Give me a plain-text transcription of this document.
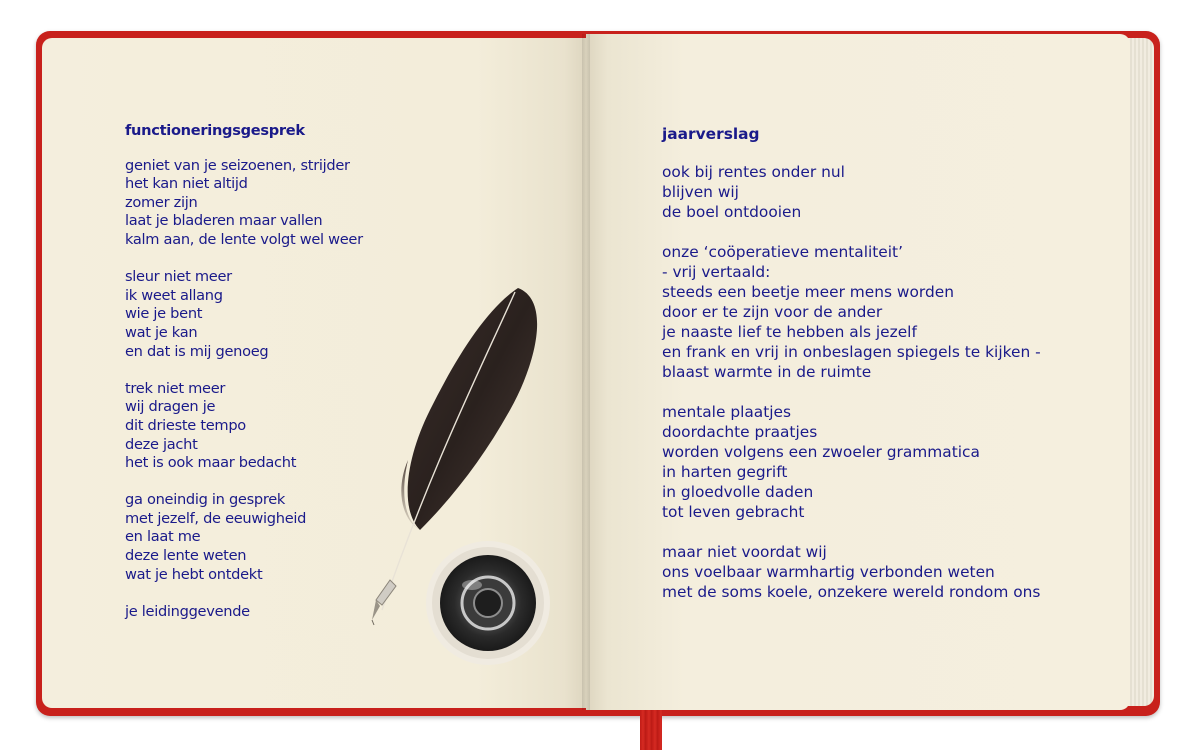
functioneringsgesprek
geniet van je seizoenen, strijder
het kan niet altijd
zomer zijn
laat je bladeren maar vallen
kalm aan, de lente volgt wel weer
sleur niet meer
ik weet allang
wie je bent
wat je kan
en dat is mij genoeg
trek niet meer
wij dragen je
dit drieste tempo
deze jacht
het is ook maar bedacht
ga oneindig in gesprek
met jezelf, de eeuwigheid
en laat me
deze lente weten
wat je hebt ontdekt
je leidinggevende
jaarverslag
ook bij rentes onder nul
blijven wij
de boel ontdooien
onze ‘coöperatieve mentaliteit’
- vrij vertaald:
steeds een beetje meer mens worden
door er te zijn voor de ander
je naaste lief te hebben als jezelf
en frank en vrij in onbeslagen spiegels te kijken -
blaast warmte in de ruimte
mentale plaatjes
doordachte praatjes
worden volgens een zwoeler grammatica
in harten gegrift
in gloedvolle daden
tot leven gebracht
maar niet voordat wij
ons voelbaar warmhartig verbonden weten
met de soms koele, onzekere wereld rondom ons
